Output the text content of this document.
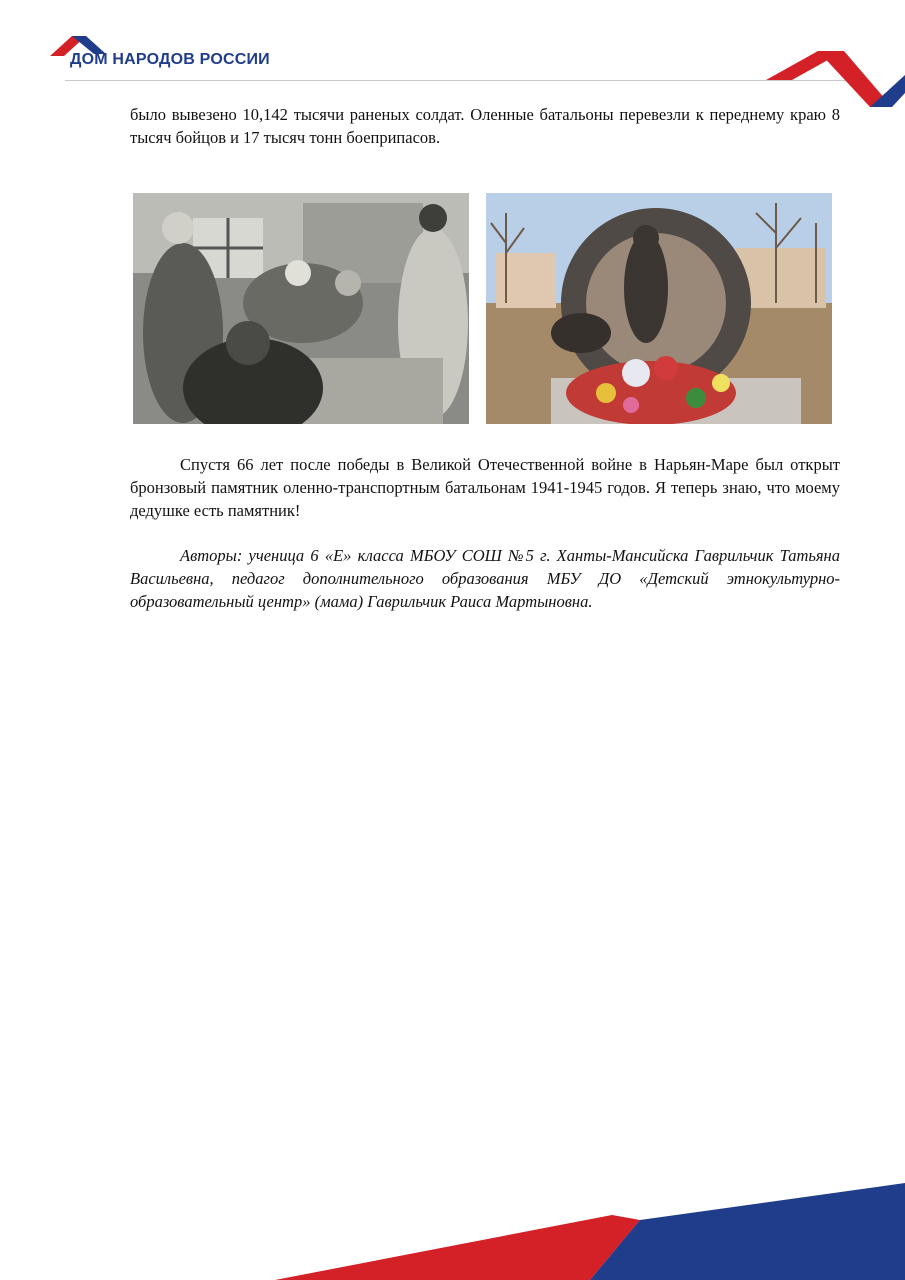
ДОМ НАРОДОВ РОССИИ

было вывезено 10,142 тысячи раненых солдат. Оленные батальоны перевезли к переднему краю 8 тысяч бойцов и 17 тысяч тонн боеприпасов.

Спустя 66 лет после победы в Великой Отечественной войне в Нарьян-Маре был открыт бронзовый памятник оленно-транспортным батальонам 1941-1945 годов. Я теперь знаю, что моему дедушке есть памятник!

Авторы: ученица 6 «Е» класса МБОУ СОШ №5 г. Ханты-Мансийска Гаврильчик Татьяна Васильевна, педагог дополнительного образования МБУ ДО «Детский этнокультурно-образовательный центр» (мама) Гаврильчик Раиса Мартыновна.
